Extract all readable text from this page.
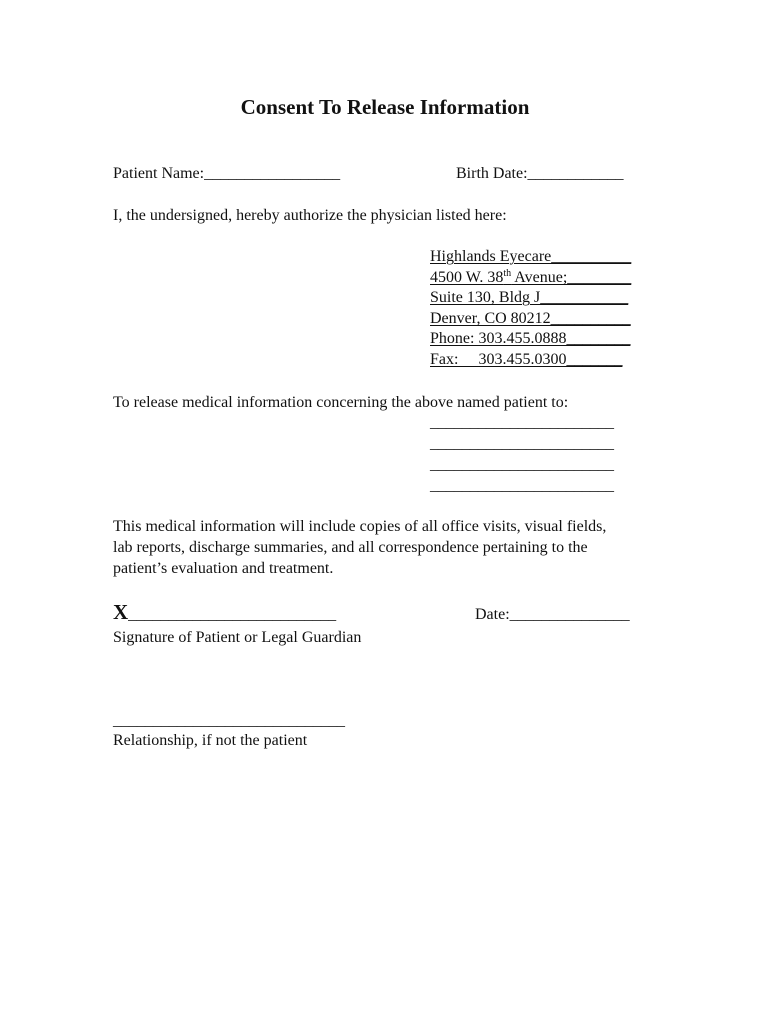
Consent To Release Information
Patient Name:_________________	Birth Date:____________
I, the undersigned, hereby authorize the physician listed here:
Highlands Eyecare__________
4500 W. 38th Avenue;________
Suite 130, Bldg J___________
Denver, CO 80212__________
Phone: 303.455.0888________
Fax:     303.455.0300_______
To release medical information concerning the above named patient to:
_______________________
_______________________
_______________________
_______________________
This medical information will include copies of all office visits, visual fields,
lab reports, discharge summaries, and all correspondence pertaining to the
patient’s evaluation and treatment.
X__________________________	Date:_______________
Signature of Patient or Legal Guardian
_____________________________
Relationship, if not the patient
